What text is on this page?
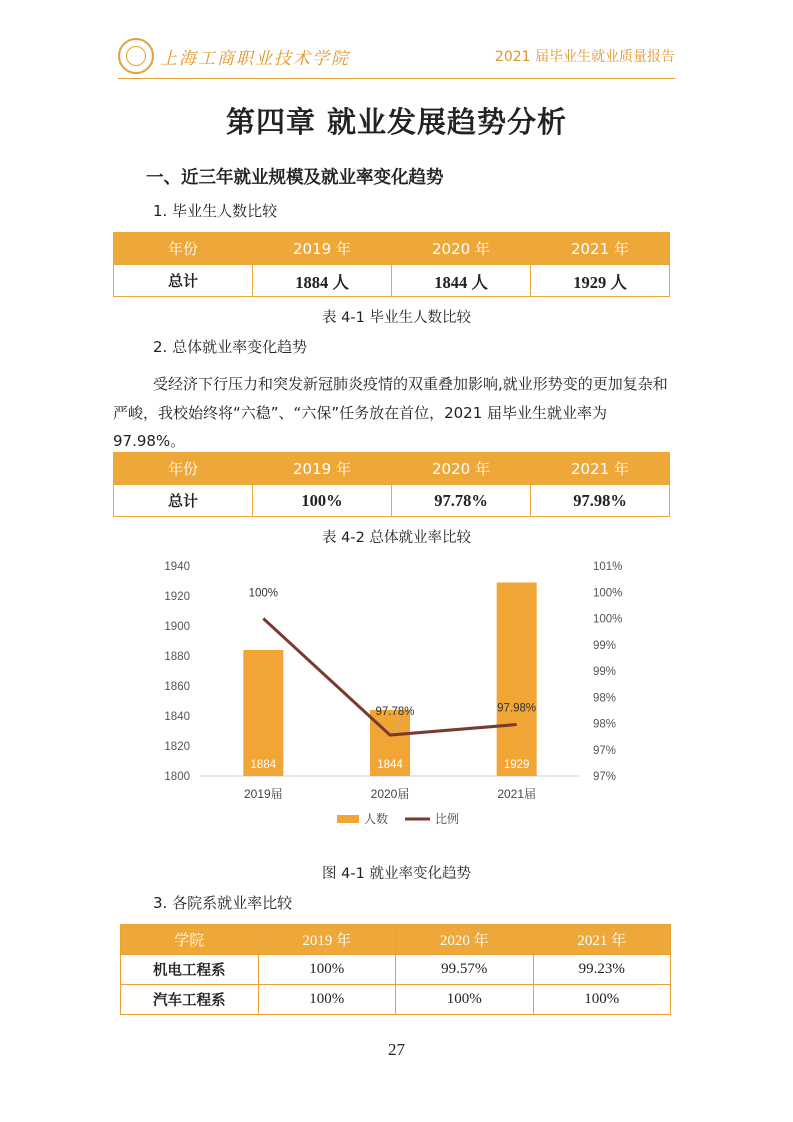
上海工商职业技术学院	2021 届毕业生就业质量报告
第四章 就业发展趋势分析
一、近三年就业规模及就业率变化趋势
1. 毕业生人数比较
年份	2019 年	2020 年	2021 年
总计	1884 人	1844 人	1929 人
表 4-1 毕业生人数比较
2. 总体就业率变化趋势
受经济下行压力和突发新冠肺炎疫情的双重叠加影响,就业形势变的更加复杂和严峻，我校始终将“六稳”、“六保”任务放在首位，2021 届毕业生就业率为 97.98%。
年份	2019 年	2020 年	2021 年
总计	100%	97.78%	97.98%
表 4-2 总体就业率比较
1940
1920
1900
1880
1860
1840
1820
1800
101%
100%
100%
99%
99%
98%
98%
97%
97%
1884
2019届
1844
2020届
1929
2021届
100%
97.78%	97.98%
人数	比例
图 4-1 就业率变化趋势
3. 各院系就业率比较
学院	2019 年	2020 年	2021 年
机电工程系	100%	99.57%	99.23%
汽车工程系	100%	100%	100%
27
